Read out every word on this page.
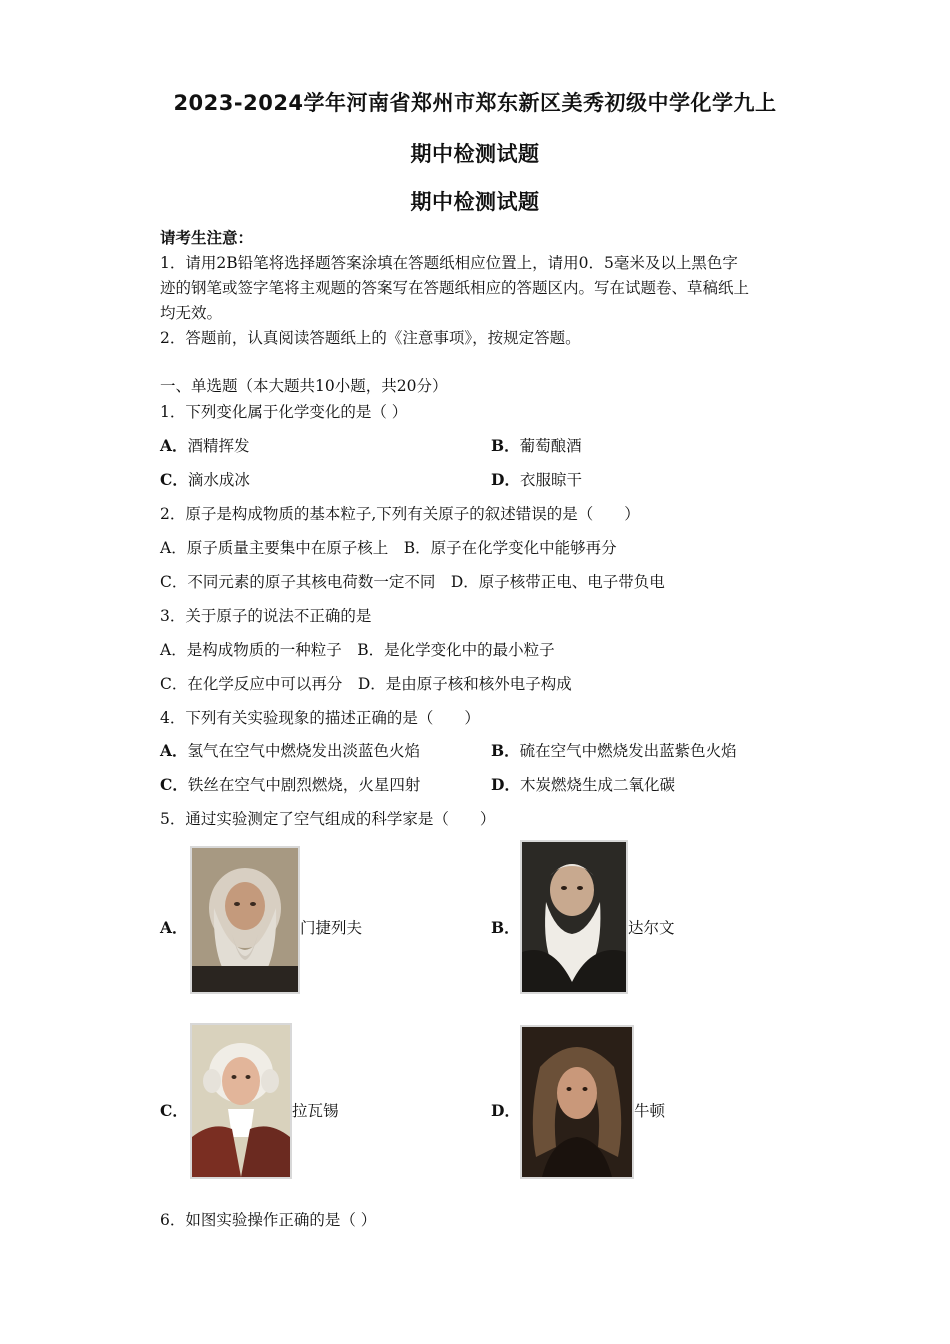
2023-2024学年河南省郑州市郑东新区美秀初级中学化学九上
期中检测试题
期中检测试题
请考生注意：
1．请用2B铅笔将选择题答案涂填在答题纸相应位置上，请用0．5毫米及以上黑色字
迹的钢笔或签字笔将主观题的答案写在答题纸相应的答题区内。写在试题卷、草稿纸上
均无效。
2．答题前，认真阅读答题纸上的《注意事项》，按规定答题。
一、单选题（本大题共10小题，共20分）
1．下列变化属于化学变化的是（ ）
A．酒精挥发	B．葡萄酿酒
C．滴水成冰	D．衣服晾干
2．原子是构成物质的基本粒子,下列有关原子的叙述错误的是（　　）
A．原子质量主要集中在原子核上　B．原子在化学变化中能够再分
C．不同元素的原子其核电荷数一定不同　D．原子核带正电、电子带负电
3．关于原子的说法不正确的是
A．是构成物质的一种粒子　B．是化学变化中的最小粒子
C．在化学反应中可以再分　D．是由原子核和核外电子构成
4．下列有关实验现象的描述正确的是（　　）
A．氢气在空气中燃烧发出淡蓝色火焰	B．硫在空气中燃烧发出蓝紫色火焰
C．铁丝在空气中剧烈燃烧，火星四射	D．木炭燃烧生成二氧化碳
5．通过实验测定了空气组成的科学家是（　　）
A．	门捷列夫	B．	达尔文
C．	拉瓦锡	D．	牛顿
6．如图实验操作正确的是（ ）
